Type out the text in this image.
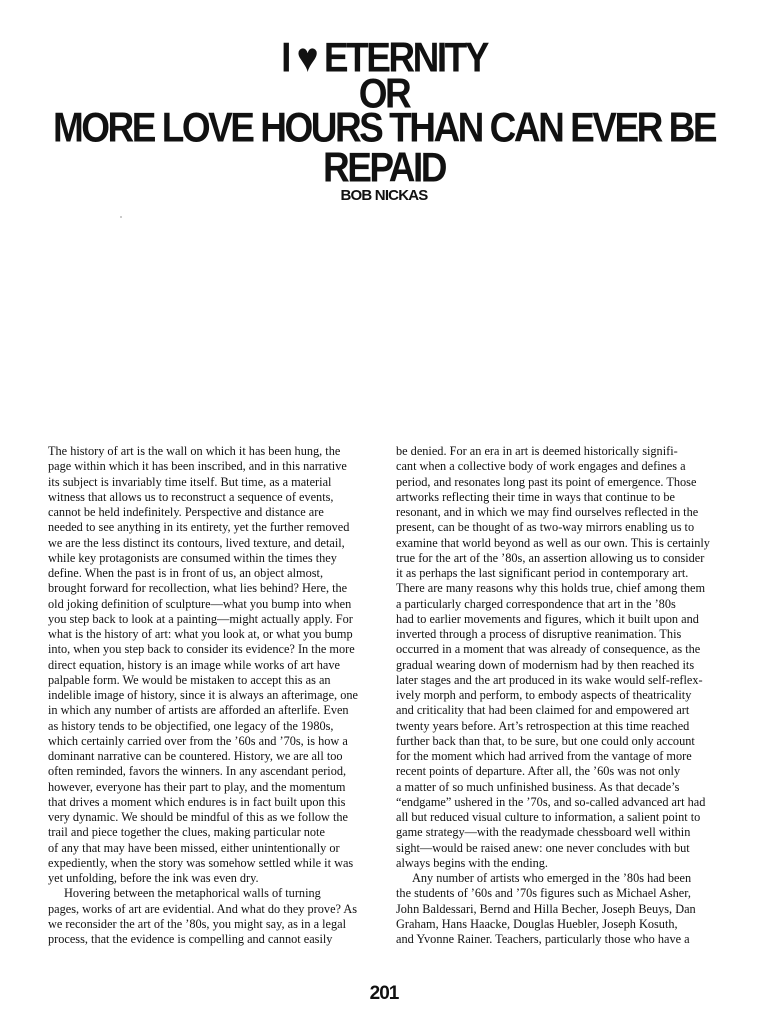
I ♥ ETERNITY
OR
MORE LOVE HOURS THAN CAN EVER BE REPAID
BOB NICKAS
The history of art is the wall on which it has been hung, the
page within which it has been inscribed, and in this narrative
its subject is invariably time itself. But time, as a material
witness that allows us to reconstruct a sequence of events,
cannot be held indefinitely. Perspective and distance are
needed to see anything in its entirety, yet the further removed
we are the less distinct its contours, lived texture, and detail,
while key protagonists are consumed within the times they
define. When the past is in front of us, an object almost,
brought forward for recollection, what lies behind? Here, the
old joking definition of sculpture—what you bump into when
you step back to look at a painting—might actually apply. For
what is the history of art: what you look at, or what you bump
into, when you step back to consider its evidence? In the more
direct equation, history is an image while works of art have
palpable form. We would be mistaken to accept this as an
indelible image of history, since it is always an afterimage, one
in which any number of artists are afforded an afterlife. Even
as history tends to be objectified, one legacy of the 1980s,
which certainly carried over from the ’60s and ’70s, is how a
dominant narrative can be countered. History, we are all too
often reminded, favors the winners. In any ascendant period,
however, everyone has their part to play, and the momentum
that drives a moment which endures is in fact built upon this
very dynamic. We should be mindful of this as we follow the
trail and piece together the clues, making particular note
of any that may have been missed, either unintentionally or
expediently, when the story was somehow settled while it was
yet unfolding, before the ink was even dry.
Hovering between the metaphorical walls of turning
pages, works of art are evidential. And what do they prove? As
we reconsider the art of the ’80s, you might say, as in a legal
process, that the evidence is compelling and cannot easily
be denied. For an era in art is deemed historically signifi-
cant when a collective body of work engages and defines a
period, and resonates long past its point of emergence. Those
artworks reflecting their time in ways that continue to be
resonant, and in which we may find ourselves reflected in the
present, can be thought of as two-way mirrors enabling us to
examine that world beyond as well as our own. This is certainly
true for the art of the ’80s, an assertion allowing us to consider
it as perhaps the last significant period in contemporary art.
There are many reasons why this holds true, chief among them
a particularly charged correspondence that art in the ’80s
had to earlier movements and figures, which it built upon and
inverted through a process of disruptive reanimation. This
occurred in a moment that was already of consequence, as the
gradual wearing down of modernism had by then reached its
later stages and the art produced in its wake would self-reflex-
ively morph and perform, to embody aspects of theatricality
and criticality that had been claimed for and empowered art
twenty years before. Art’s retrospection at this time reached
further back than that, to be sure, but one could only account
for the moment which had arrived from the vantage of more
recent points of departure. After all, the ’60s was not only
a matter of so much unfinished business. As that decade’s
“endgame” ushered in the ’70s, and so-called advanced art had
all but reduced visual culture to information, a salient point to
game strategy—with the readymade chessboard well within
sight—would be raised anew: one never concludes with but
always begins with the ending.
Any number of artists who emerged in the ’80s had been
the students of ’60s and ’70s figures such as Michael Asher,
John Baldessari, Bernd and Hilla Becher, Joseph Beuys, Dan
Graham, Hans Haacke, Douglas Huebler, Joseph Kosuth,
and Yvonne Rainer. Teachers, particularly those who have a
201
